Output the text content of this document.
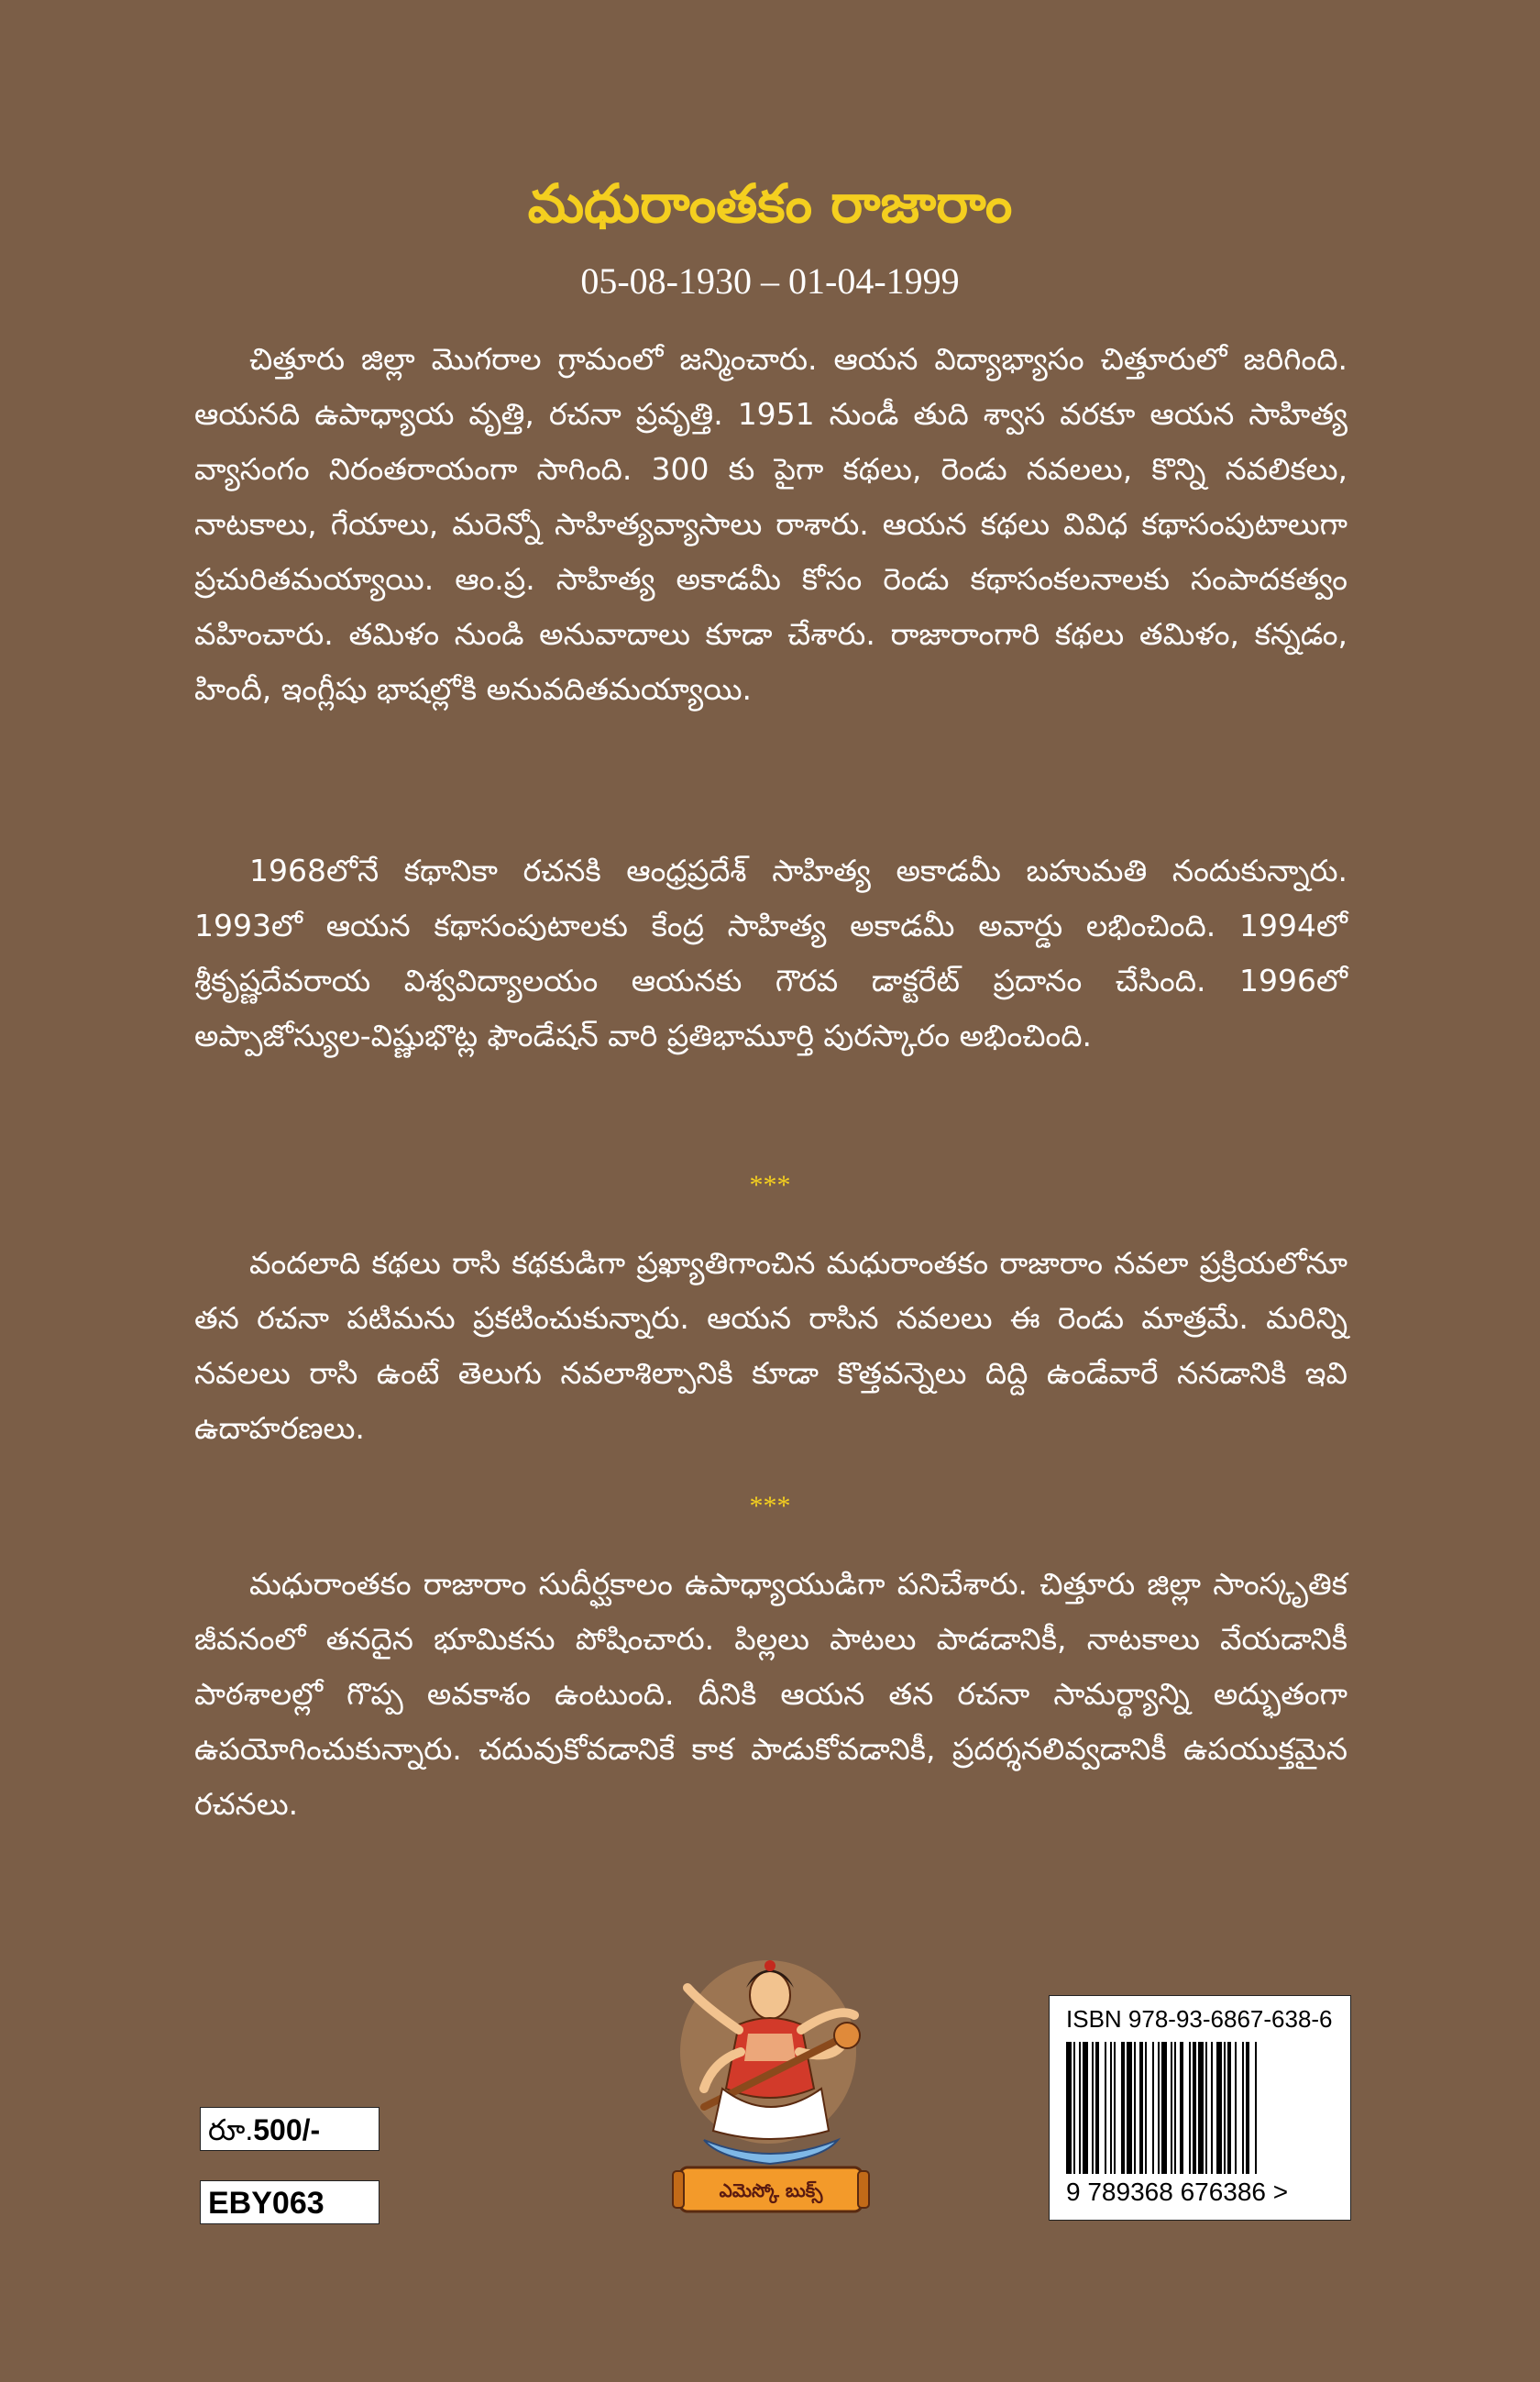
మధురాంతకం రాజారాం
05-08-1930 – 01-04-1999

చిత్తూరు జిల్లా మొగరాల గ్రామంలో జన్మించారు. ఆయన విద్యాభ్యాసం చిత్తూరులో జరిగింది. ఆయనది ఉపాధ్యాయ వృత్తి, రచనా ప్రవృత్తి. 1951 నుండీ తుది శ్వాస వరకూ ఆయన సాహిత్య వ్యాసంగం నిరంతరాయంగా సాగింది. 300 కు పైగా కథలు, రెండు నవలలు, కొన్ని నవలికలు, నాటకాలు, గేయాలు, మరెన్నో సాహిత్యవ్యాసాలు రాశారు. ఆయన కథలు వివిధ కథాసంపుటాలుగా ప్రచురితమయ్యాయి. ఆం.ప్ర. సాహిత్య అకాడమీ కోసం రెండు కథాసంకలనాలకు సంపాదకత్వం వహించారు. తమిళం నుండి అనువాదాలు కూడా చేశారు. రాజారాంగారి కథలు తమిళం, కన్నడం, హిందీ, ఇంగ్లీషు భాషల్లోకి అనువదితమయ్యాయి.

1968లోనే కథానికా రచనకి ఆంధ్రప్రదేశ్ సాహిత్య అకాడమీ బహుమతి నందుకున్నారు. 1993లో ఆయన కథాసంపుటాలకు కేంద్ర సాహిత్య అకాడమీ అవార్డు లభించింది. 1994లో శ్రీకృష్ణదేవరాయ విశ్వవిద్యాలయం ఆయనకు గౌరవ డాక్టరేట్ ప్రదానం చేసింది. 1996లో అప్పాజోస్యుల-విష్ణుభొట్ల ఫౌండేషన్ వారి ప్రతిభామూర్తి పురస్కారం అభించింది.

***

వందలాది కథలు రాసి కథకుడిగా ప్రఖ్యాతిగాంచిన మధురాంతకం రాజారాం నవలా ప్రక్రియలోనూ తన రచనా పటిమను ప్రకటించుకున్నారు. ఆయన రాసిన నవలలు ఈ రెండు మాత్రమే. మరిన్ని నవలలు రాసి ఉంటే తెలుగు నవలాశిల్పానికి కూడా కొత్తవన్నెలు దిద్ది ఉండేవారే ననడానికి ఇవి ఉదాహరణలు.

***

మధురాంతకం రాజారాం సుదీర్ఘకాలం ఉపాధ్యాయుడిగా పనిచేశారు. చిత్తూరు జిల్లా సాంస్కృతిక జీవనంలో తనదైన భూమికను పోషించారు. పిల్లలు పాటలు పాడడానికీ, నాటకాలు వేయడానికీ పాఠశాలల్లో గొప్ప అవకాశం ఉంటుంది. దీనికి ఆయన తన రచనా సామర్థ్యాన్ని అద్భుతంగా ఉపయోగించుకున్నారు. చదువుకోవడానికే కాక పాడుకోవడానికీ, ప్రదర్శనలివ్వడానికీ ఉపయుక్తమైన రచనలు.

ఎమెస్కో బుక్స్
రూ.500/-
EBY063
ISBN 978-93-6867-638-6
9 789368 676386 >
